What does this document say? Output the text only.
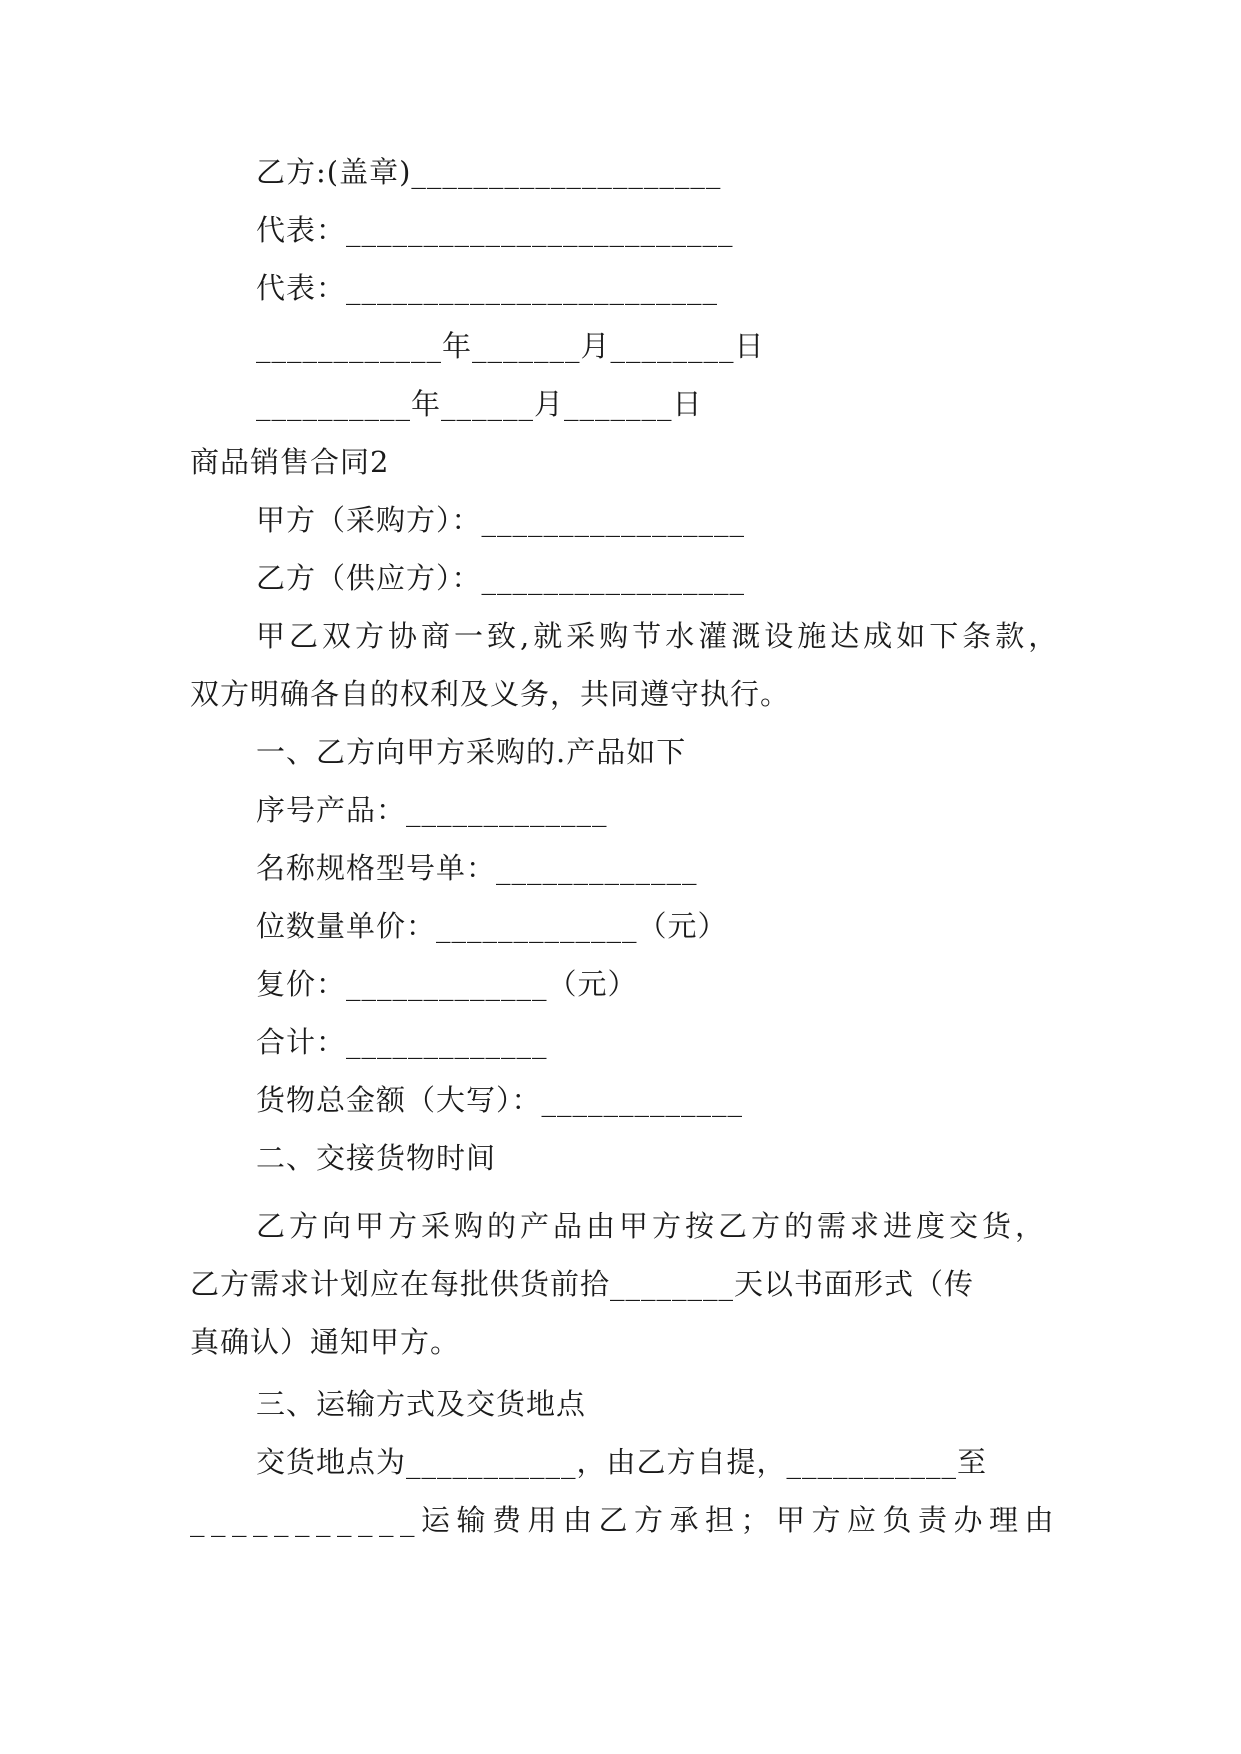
乙方:(盖章)____________________
代表：_________________________
代表：________________________
____________年_______月________日
__________年______月_______日
商品销售合同2
甲方（采购方）：_________________
乙方（供应方）：_________________
甲乙双方协商一致,就采购节水灌溉设施达成如下条款，
双方明确各自的权利及义务，共同遵守执行。
一、乙方向甲方采购的.产品如下
序号产品：_____________
名称规格型号单：_____________
位数量单价：_____________（元）
复价：_____________（元）
合计：_____________
货物总金额（大写）：_____________
二、交接货物时间
乙方向甲方采购的产品由甲方按乙方的需求进度交货，
乙方需求计划应在每批供货前拾________天以书面形式（传
真确认）通知甲方。
三、运输方式及交货地点
交货地点为___________，由乙方自提，___________至
___________运输费用由乙方承担；甲方应负责办理由
